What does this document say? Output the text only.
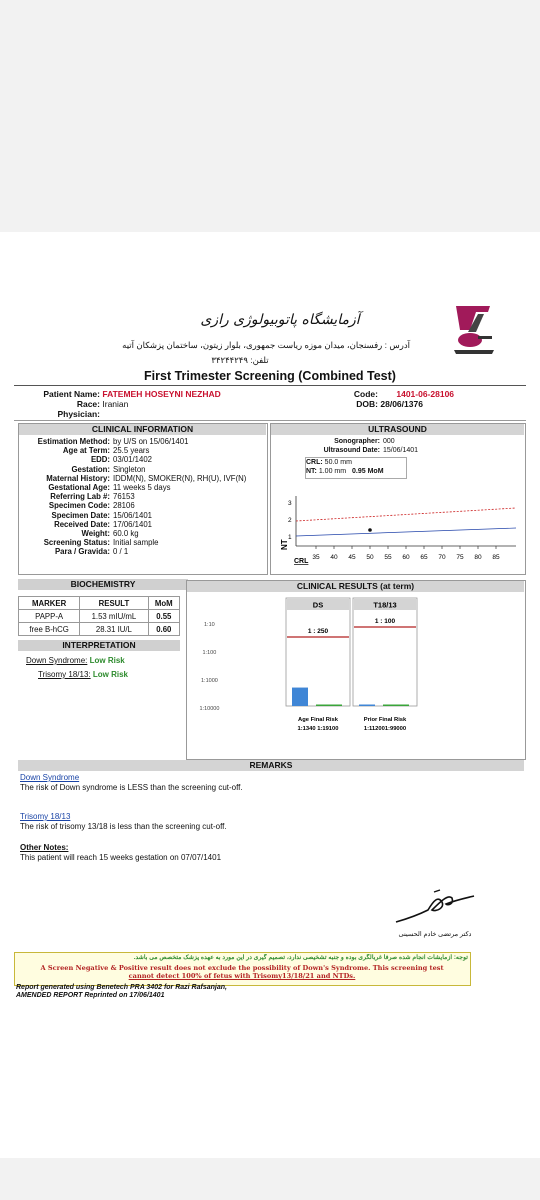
آزمایشگاه پاتوبیولوژی رازی
آدرس : رفسنجان، میدان موزه ریاست جمهوری، بلوار زیتون، ساختمان پزشکان آتیه
تلفن: ۳۴۲۴۴۲۴۹
First Trimester Screening (Combined Test)
Patient Name: FATEMEH HOSEYNI NEZHAD
Race: Iranian
Physician:
Code: 1401-06-28106
DOB: 28/06/1376
CLINICAL INFORMATION
Estimation Method: by U/S on 15/06/1401
Age at Term: 25.5 years
EDD: 03/01/1402
Gestation: Singleton
Maternal History: IDDM(N), SMOKER(N), RH(U), IVF(N)
Gestational Age: 11 weeks 5 days
Referring Lab #: 76153
Specimen Code: 28106
Specimen Date: 15/06/1401
Received Date: 17/06/1401
Weight: 60.0 kg
Screening Status: Initial sample
Para / Gravida: 0 / 1
ULTRASOUND
Sonographer: 000
Ultrasound Date: 15/06/1401
CRL: 50.0 mm
NT: 1.00 mm 0.95 MoM
NT
3
2
1
CRL
35 40 45 50 55 60 65 70 75 80 85
BIOCHEMISTRY
MARKER	RESULT	MoM
PAPP-A	1.53 mIU/mL	0.55
free B-hCG	28.31 IU/L	0.60
INTERPRETATION
Down Syndrome: Low Risk
Trisomy 18/13: Low Risk
CLINICAL RESULTS (at term)
1:10
1:100
1:1000
1:10000
DS	T18/13
1 : 250
1 : 100
Age Final Risk
1:1340 1:19100
Prior Final Risk
1:112001:99000
REMARKS
Down Syndrome
The risk of Down syndrome is LESS than the screening cut-off.
Trisomy 18/13
The risk of trisomy 13/18 is less than the screening cut-off.
Other Notes:
This patient will reach 15 weeks gestation on 07/07/1401
دکتر مرتضی خادم الحسینی
توجه: آزمایشات انجام شده صرفا غربالگری بوده و جنبه تشخیصی ندارد، تصمیم گیری در این مورد به عهده پزشک متخصص می باشد.
A Screen Negative & Positive result does not exclude the possibility of Down's Syndrome. This screening test
cannot detect 100% of fetus with Trisomy13/18/21 and NTDs.
Report generated using Benetech PRA 3402 for Razi Rafsanjan,
AMENDED REPORT Reprinted on 17/06/1401
